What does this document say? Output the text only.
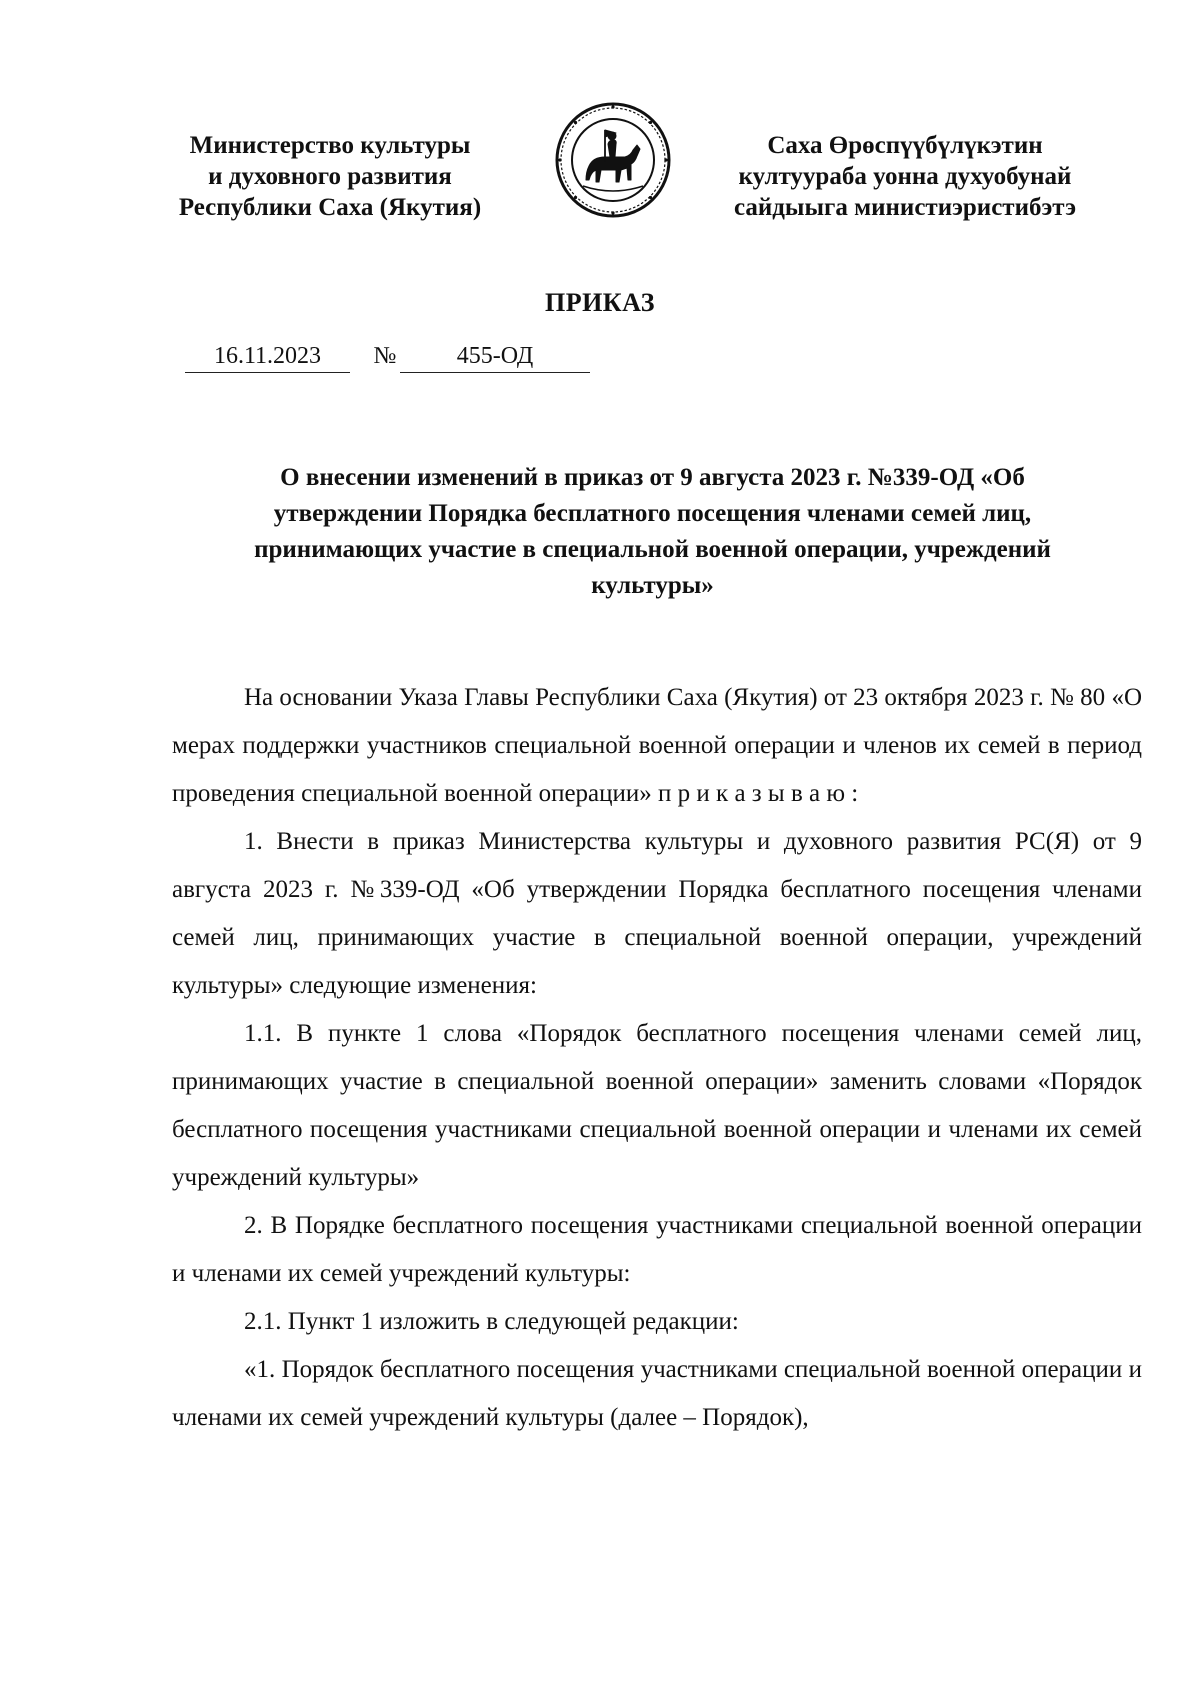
Министерство культуры
и духовного развития
Республики Саха (Якутия)
Саха Өрөспүүбүлүкэтин
култуураба уонна духуобунай
сайдыыга министиэристибэтэ
ПРИКАЗ
16.11.2023	№	455-ОД
О внесении изменений в приказ от 9 августа 2023 г. №339-ОД «Об утверждении Порядка бесплатного посещения членами семей лиц, принимающих участие в специальной военной операции, учреждений культуры»

На основании Указа Главы Республики Саха (Якутия) от 23 октября 2023 г. № 80 «О мерах поддержки участников специальной военной операции и членов их семей в период проведения специальной военной операции» п р и к а з ы в а ю :

1. Внести в приказ Министерства культуры и духовного развития РС(Я) от 9 августа 2023 г. №339-ОД «Об утверждении Порядка бесплатного посещения членами семей лиц, принимающих участие в специальной военной операции, учреждений культуры» следующие изменения:

1.1. В пункте 1 слова «Порядок бесплатного посещения членами семей лиц, принимающих участие в специальной военной операции» заменить словами «Порядок бесплатного посещения участниками специальной военной операции и членами их семей учреждений культуры»

2. В Порядке бесплатного посещения участниками специальной военной операции и членами их семей учреждений культуры:

2.1. Пункт 1 изложить в следующей редакции:

«1. Порядок бесплатного посещения участниками специальной военной операции и членами их семей учреждений культуры (далее – Порядок),
